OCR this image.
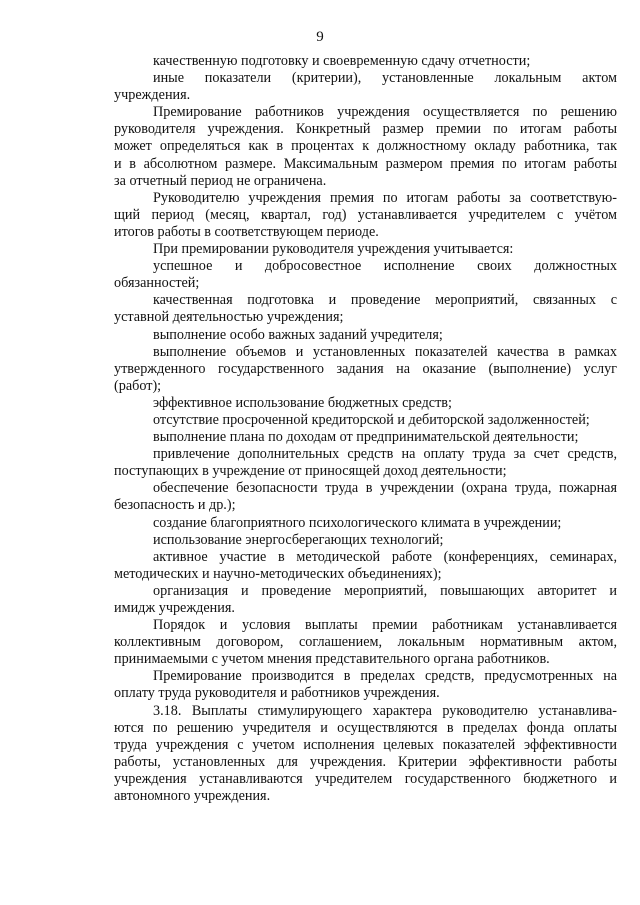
9
качественную подготовку и своевременную сдачу отчетности;
иные показатели (критерии), установленные локальным актом
учреждения.
Премирование работников учреждения осуществляется по решению
руководителя учреждения. Конкретный размер премии по итогам работы
может определяться как в процентах к должностному окладу работника, так
и в абсолютном размере. Максимальным размером премия по итогам работы
за отчетный период не ограничена.
Руководителю учреждения премия по итогам работы за соответствую-
щий период (месяц, квартал, год) устанавливается учредителем с учётом
итогов работы в соответствующем периоде.
При премировании руководителя учреждения учитывается:
успешное и добросовестное исполнение своих должностных
обязанностей;
качественная подготовка и проведение мероприятий, связанных с
уставной деятельностью учреждения;
выполнение особо важных заданий учредителя;
выполнение объемов и установленных показателей качества в рамках
утвержденного государственного задания на оказание (выполнение) услуг
(работ);
эффективное использование бюджетных средств;
отсутствие просроченной кредиторской и дебиторской задолженностей;
выполнение плана по доходам от предпринимательской деятельности;
привлечение дополнительных средств на оплату труда за счет средств,
поступающих в учреждение от приносящей доход деятельности;
обеспечение безопасности труда в учреждении (охрана труда, пожарная
безопасность и др.);
создание благоприятного психологического климата в учреждении;
использование энергосберегающих технологий;
активное участие в методической работе (конференциях, семинарах,
методических и научно-методических объединениях);
организация и проведение мероприятий, повышающих авторитет и
имидж учреждения.
Порядок и условия выплаты премии работникам устанавливается
коллективным договором, соглашением, локальным нормативным актом,
принимаемыми с учетом мнения представительного органа работников.
Премирование производится в пределах средств, предусмотренных на
оплату труда руководителя и работников учреждения.
3.18. Выплаты стимулирующего характера руководителю устанавлива-
ются по решению учредителя и осуществляются в пределах фонда оплаты
труда учреждения с учетом исполнения целевых показателей эффективности
работы, установленных для учреждения. Критерии эффективности работы
учреждения устанавливаются учредителем государственного бюджетного и
автономного учреждения.
